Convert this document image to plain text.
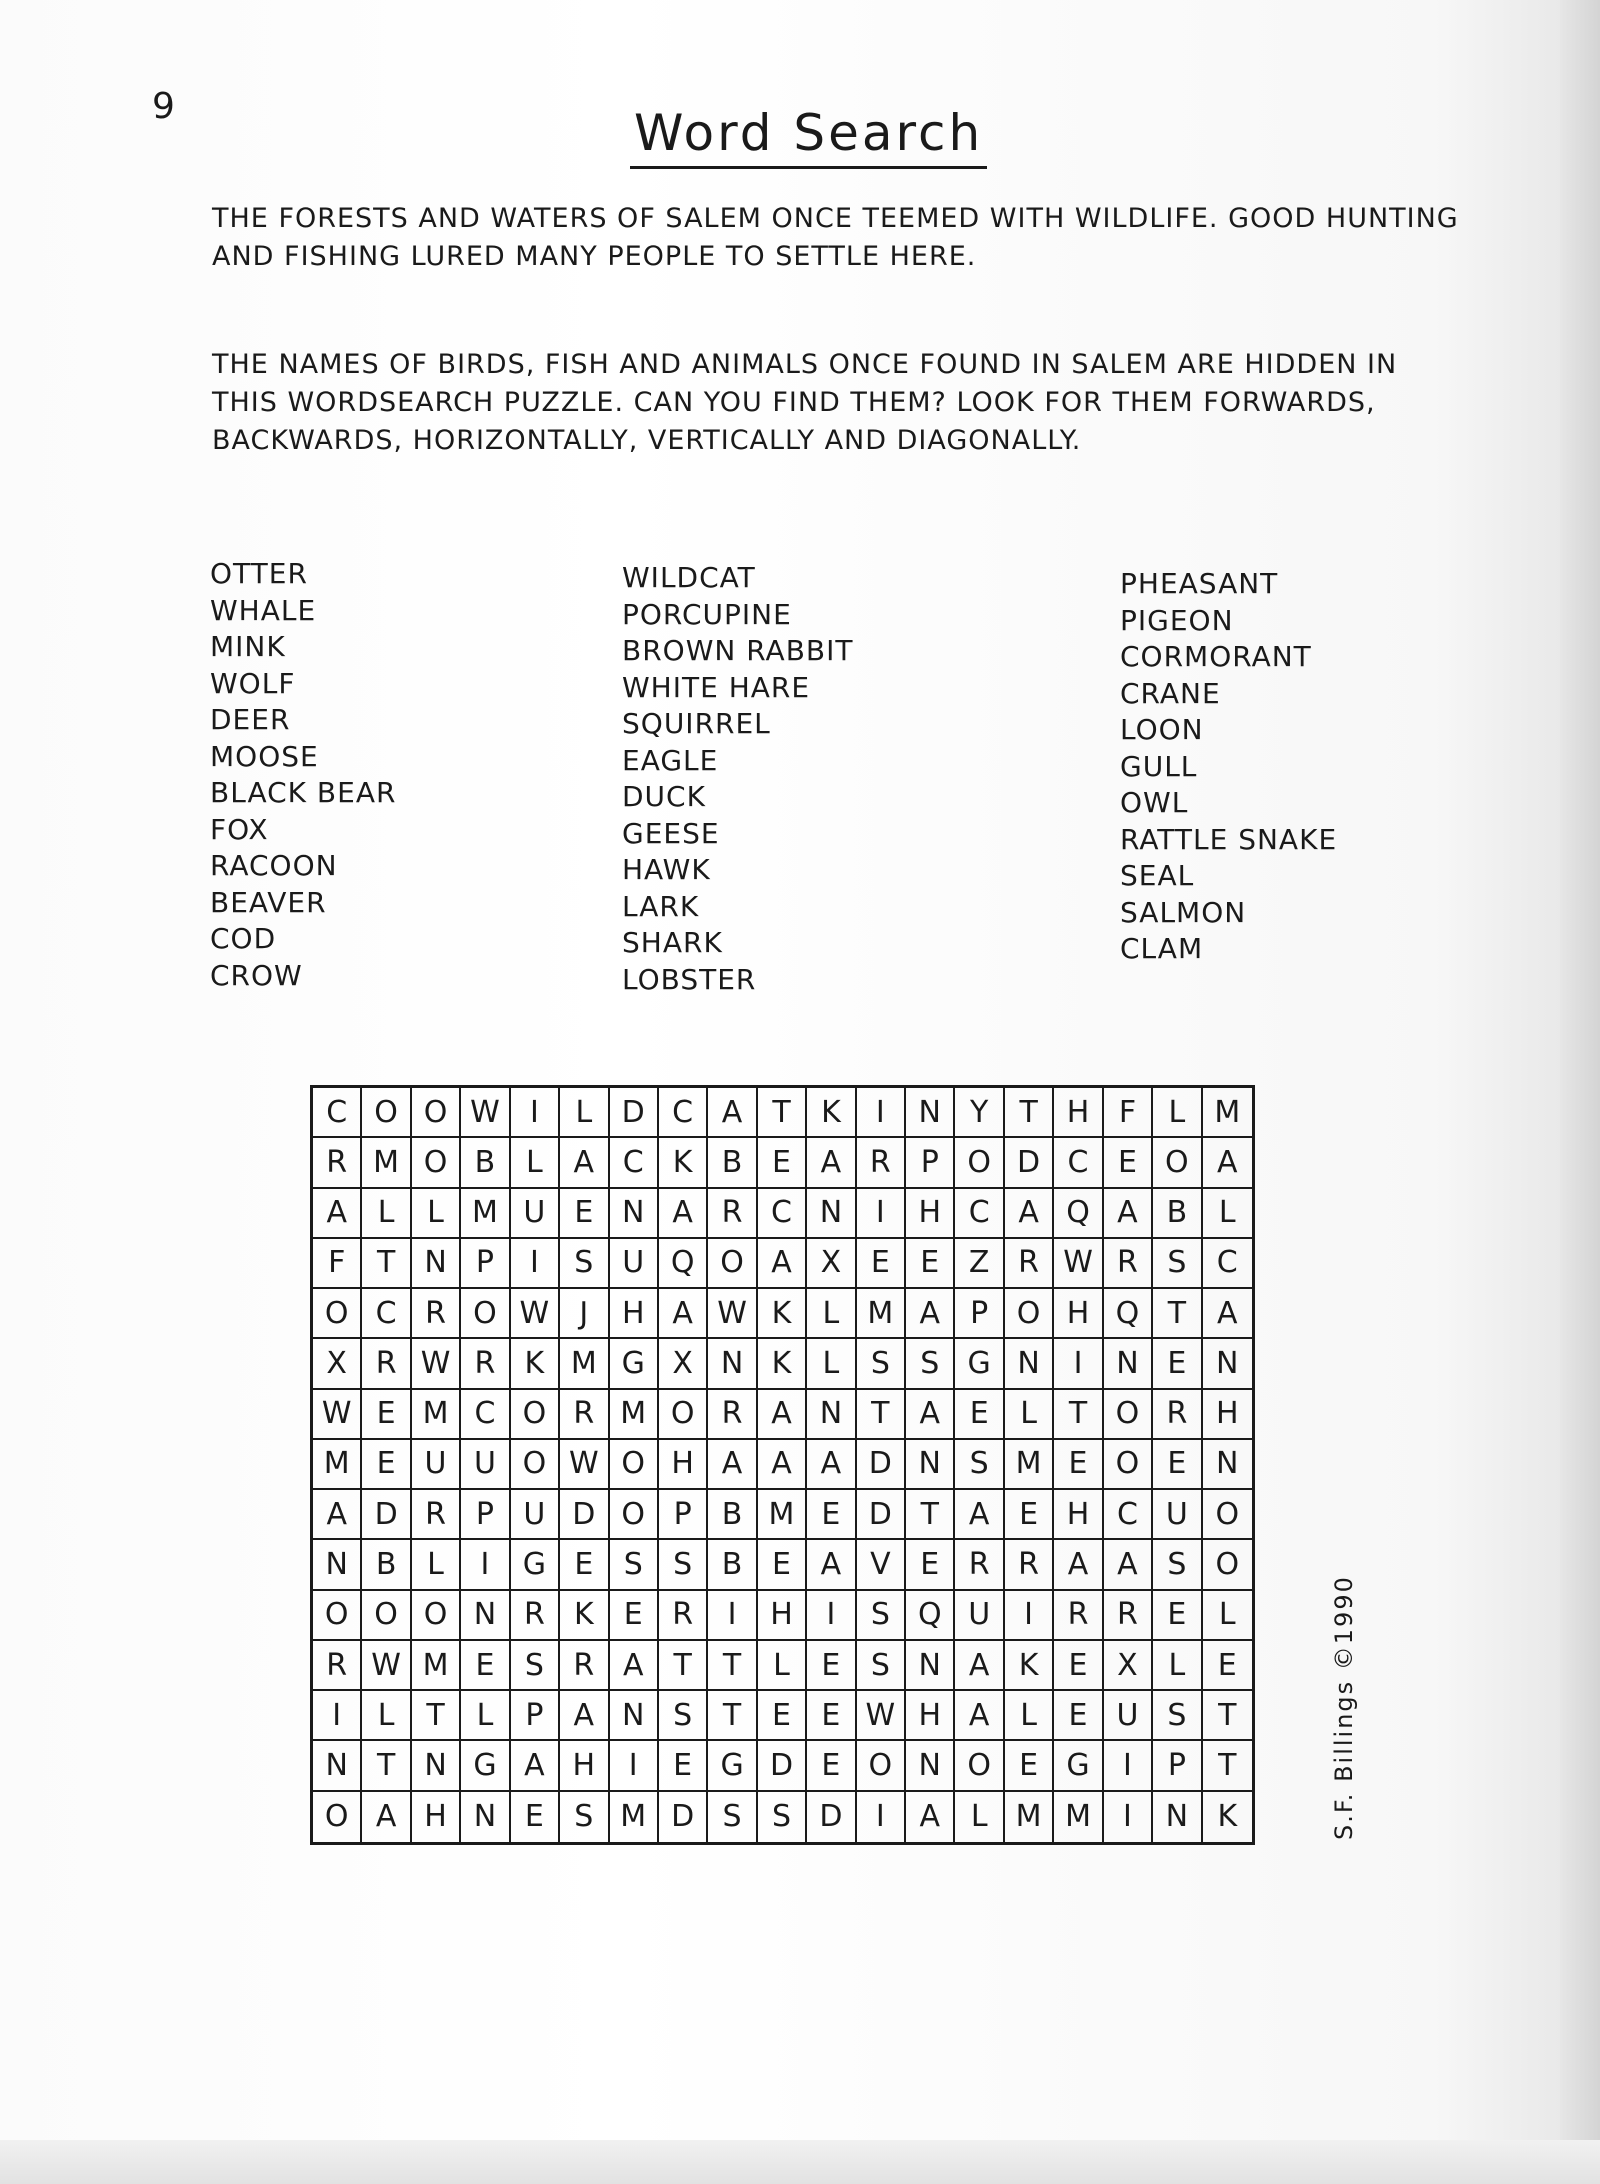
9	Word Search
THE FORESTS AND WATERS OF SALEM ONCE TEEMED WITH WILDLIFE. GOOD HUNTING AND FISHING LURED MANY PEOPLE TO SETTLE HERE.
THE NAMES OF BIRDS, FISH AND ANIMALS ONCE FOUND IN SALEM ARE HIDDEN IN THIS WORDSEARCH PUZZLE. CAN YOU FIND THEM? LOOK FOR THEM FORWARDS, BACKWARDS, HORIZONTALLY, VERTICALLY AND DIAGONALLY.
OTTER
WHALE
MINK
WOLF
DEER
MOOSE
BLACK BEAR
FOX
RACOON
BEAVER
COD
CROW
WILDCAT
PORCUPINE
BROWN RABBIT
WHITE HARE
SQUIRREL
EAGLE
DUCK
GEESE
HAWK
LARK
SHARK
LOBSTER
PHEASANT
PIGEON
CORMORANT
CRANE
LOON
GULL
OWL
RATTLE SNAKE
SEAL
SALMON
CLAM
C O O W	I	L D C A	T	K	I	N Y	T H F	L M
R M O B	L	A C K B E A R P O D C E O A
A	L	L M U E N A R C N	I	H C A Q A B	L
F	T N P	I	S U Q O A X E	E Z R W R S	C
O C R O W	J	H A W K	L M A	P O H Q T	A
X R W R K M G X N K	L	S	S G N	I	N E N
W E M C O R M O R A N T A E	L	T O R H
M E U U O W O H A A A D N S M E O E N
A D R P U D O P	B M E D T A E H C U O
N B	L	I	G E	S	S B E A V E R R A A S O
O O O N R K	E R	I	H	I	S Q U	I	R R E	L
R W M E	S R A	T	T	L	E	S N A K	E X	L	E
I	L	T	L	P	A N S	T	E	E W H A	L	E U S	T
N T N G A H	I	E G D E O N O E G	I	P	T
O A H N E	S M D S	S D	I	A	L M M	I	N K	S.F. Billings ©1990
